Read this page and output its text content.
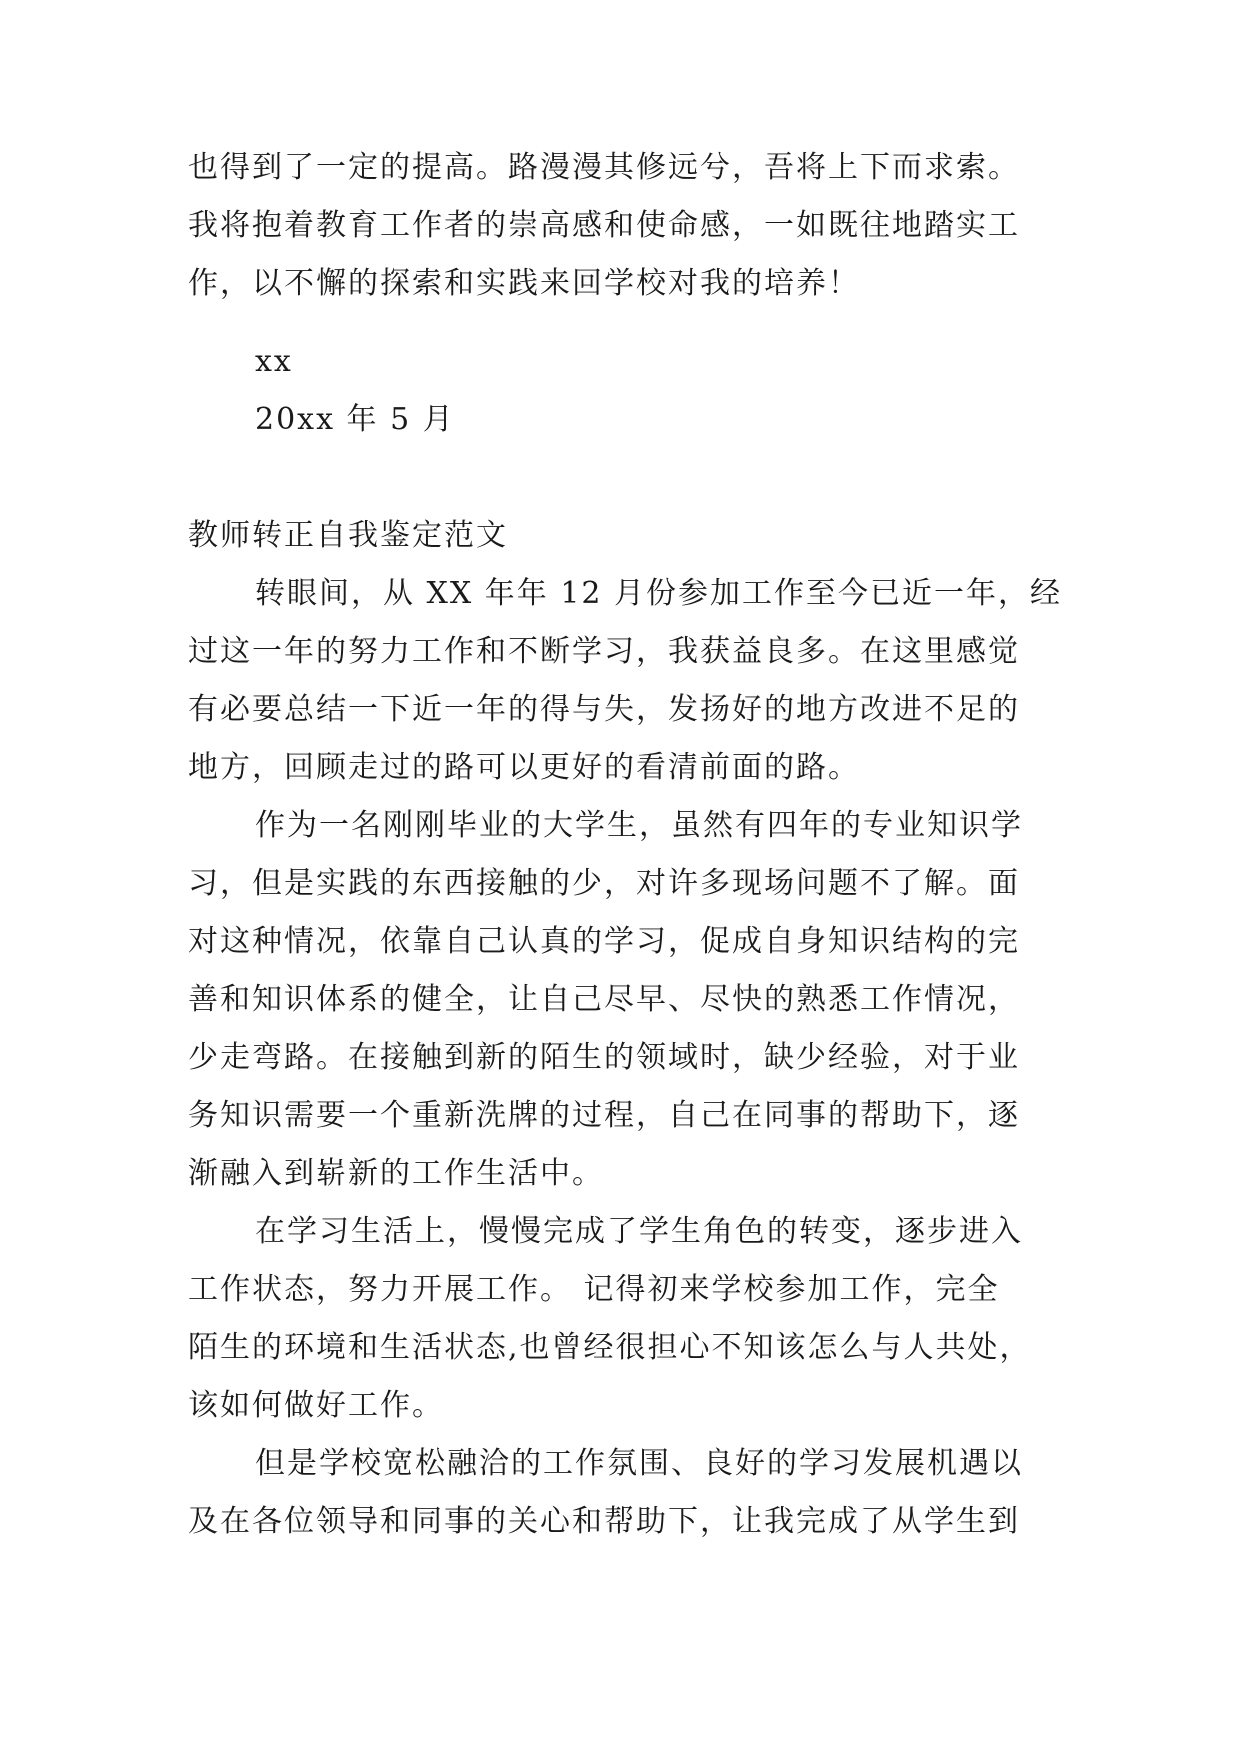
也得到了一定的提高。路漫漫其修远兮，吾将上下而求索。
我将抱着教育工作者的崇高感和使命感，一如既往地踏实工
作，以不懈的探索和实践来回学校对我的培养！
xx
20xx 年 5 月
教师转正自我鉴定范文
转眼间，从 XX 年年 12 月份参加工作至今已近一年，经
过这一年的努力工作和不断学习，我获益良多。在这里感觉
有必要总结一下近一年的得与失，发扬好的地方改进不足的
地方，回顾走过的路可以更好的看清前面的路。
作为一名刚刚毕业的大学生，虽然有四年的专业知识学
习，但是实践的东西接触的少，对许多现场问题不了解。面
对这种情况，依靠自己认真的学习，促成自身知识结构的完
善和知识体系的健全，让自己尽早、尽快的熟悉工作情况，
少走弯路。在接触到新的陌生的领域时，缺少经验，对于业
务知识需要一个重新洗牌的过程，自己在同事的帮助下，逐
渐融入到崭新的工作生活中。
在学习生活上，慢慢完成了学生角色的转变，逐步进入
工作状态，努力开展工作。 记得初来学校参加工作，完全
陌生的环境和生活状态,也曾经很担心不知该怎么与人共处，
该如何做好工作。
但是学校宽松融洽的工作氛围、良好的学习发展机遇以
及在各位领导和同事的关心和帮助下，让我完成了从学生到
